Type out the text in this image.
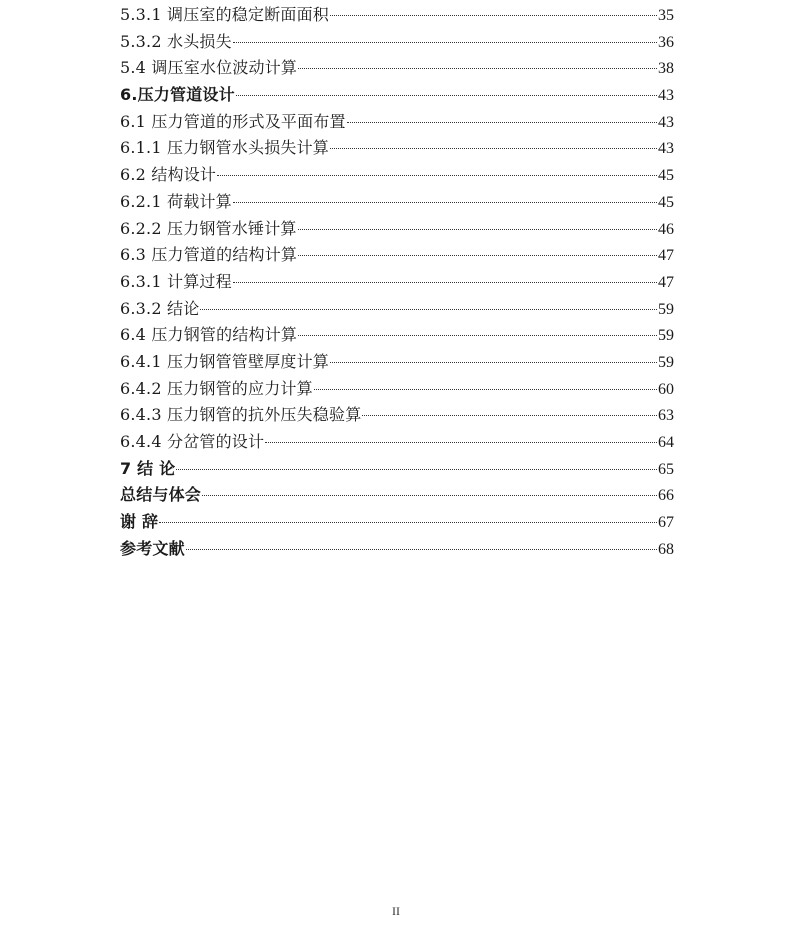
5.3.1 调压室的稳定断面面积	35
5.3.2 水头损失	36
5.4 调压室水位波动计算	38
6.压力管道设计	43
6.1 压力管道的形式及平面布置	43
6.1.1 压力钢管水头损失计算	43
6.2 结构设计	45
6.2.1 荷载计算	45
6.2.2 压力钢管水锤计算	46
6.3 压力管道的结构计算	47
6.3.1 计算过程	47
6.3.2 结论	59
6.4 压力钢管的结构计算	59
6.4.1 压力钢管管壁厚度计算	59
6.4.2 压力钢管的应力计算	60
6.4.3 压力钢管的抗外压失稳验算	63
6.4.4 分岔管的设计	64
7 结 论	65
总结与体会	66
谢 辞	67
参考文献	68
II
